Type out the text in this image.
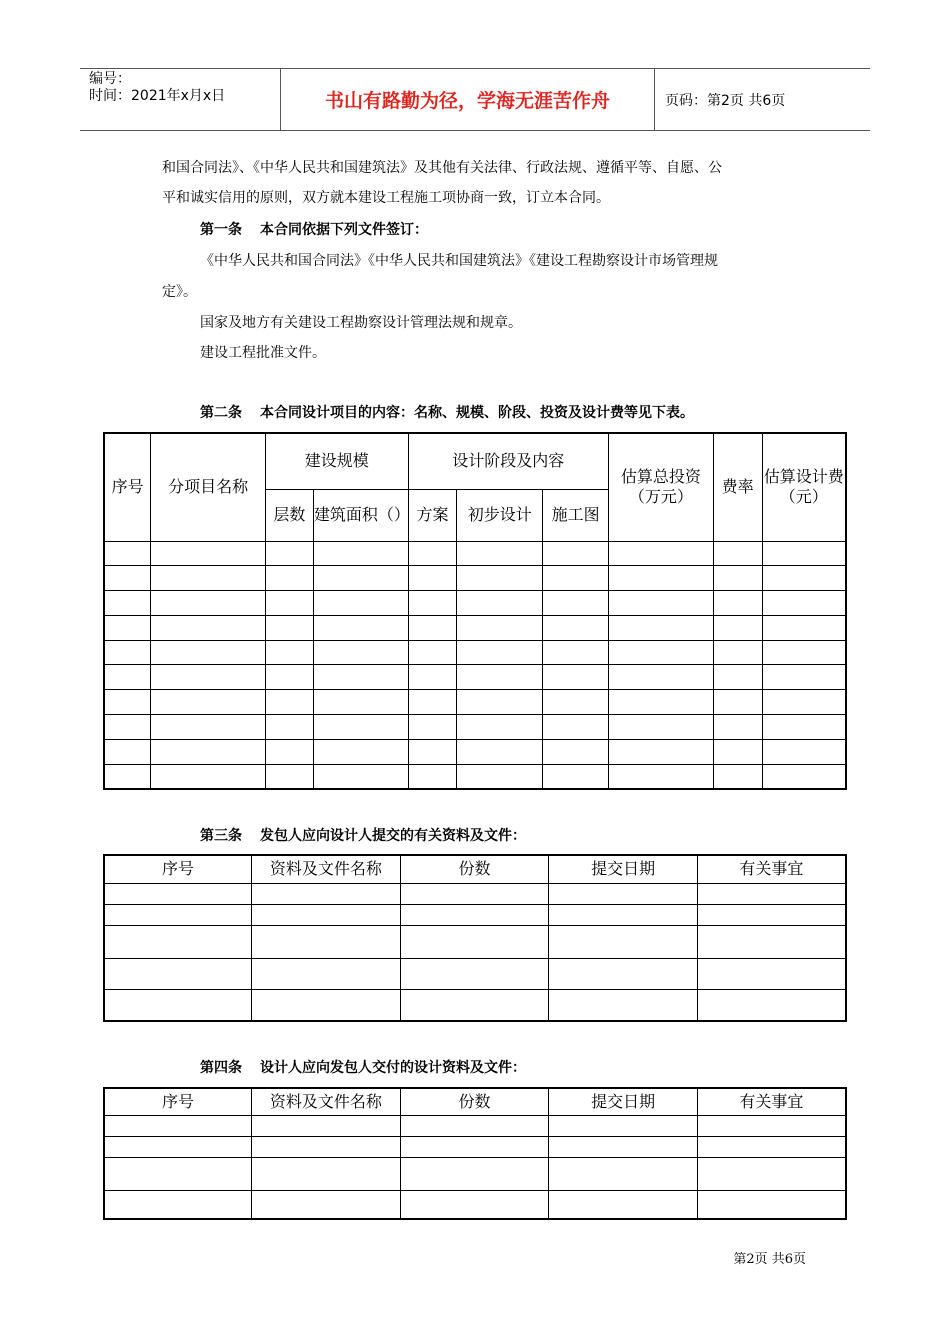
编号：
时间：2021年x月x日	书山有路勤为径，学海无涯苦作舟	页码：第2页 共6页
和国合同法》、《中华人民共和国建筑法》及其他有关法律、行政法规、遵循平等、自愿、公
平和诚实信用的原则，双方就本建设工程施工项协商一致，订立本合同。
第一条 本合同依据下列文件签订：
《中华人民共和国合同法》《中华人民共和国建筑法》《建设工程勘察设计市场管理规
定》。
国家及地方有关建设工程勘察设计管理法规和规章。
建设工程批准文件。
第二条 本合同设计项目的内容：名称、规模、阶段、投资及设计费等见下表。
序号	分项目名称	建设规模		设计阶段及内容			估算总投资（万元）	费率	估算设计费（元）
		层数	建筑面积（）	方案	初步设计	施工图			

第三条 发包人应向设计人提交的有关资料及文件：
序号	资料及文件名称	份数	提交日期	有关事宜

第四条 设计人应向发包人交付的设计资料及文件：
序号	资料及文件名称	份数	提交日期	有关事宜

第2页 共6页
